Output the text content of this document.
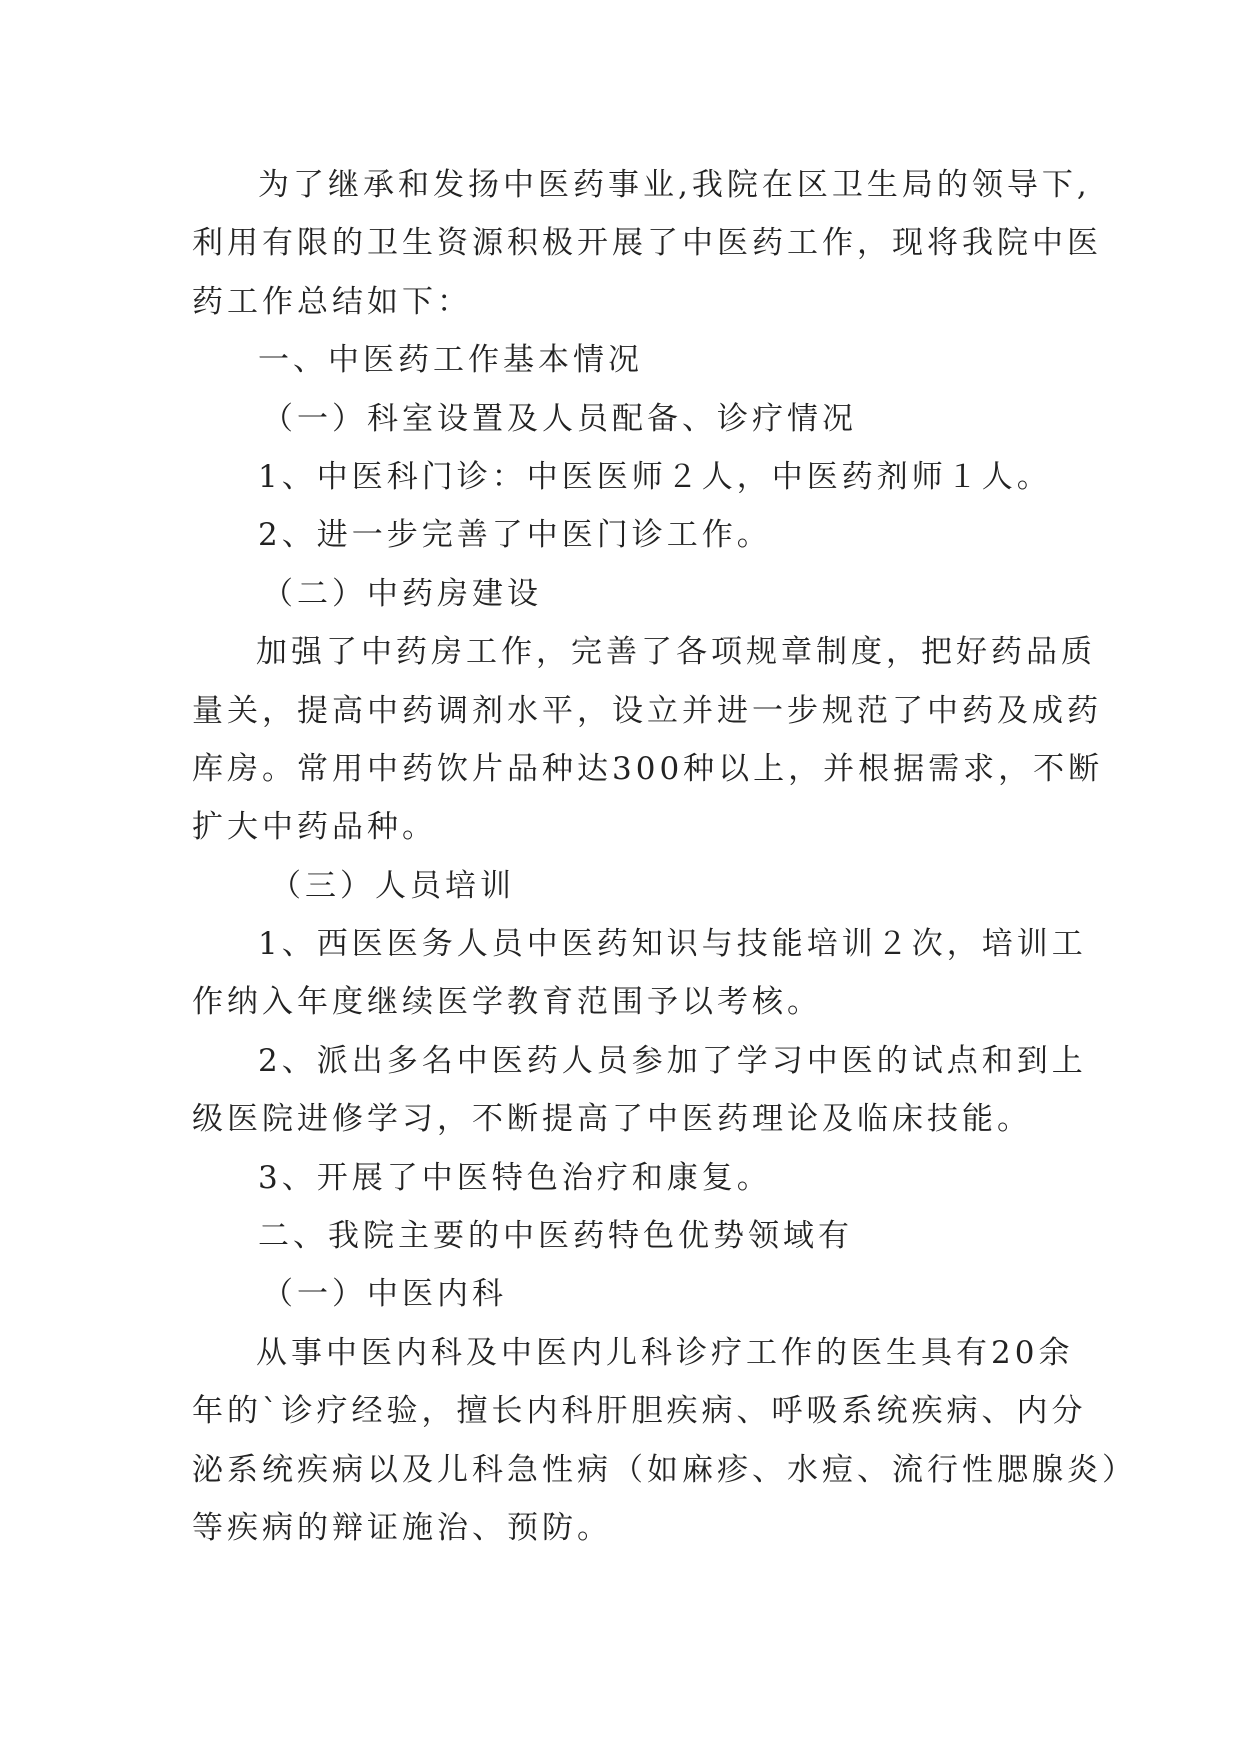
为了继承和发扬中医药事业,我院在区卫生局的领导下,
利用有限的卫生资源积极开展了中医药工作，现将我院中医
药工作总结如下：
一、中医药工作基本情况
（一）科室设置及人员配备、诊疗情况
1、中医科门诊：中医医师２人，中医药剂师１人。
2、进一步完善了中医门诊工作。
（二）中药房建设
加强了中药房工作，完善了各项规章制度，把好药品质
量关，提高中药调剂水平，设立并进一步规范了中药及成药
库房。常用中药饮片品种达300种以上，并根据需求，不断
扩大中药品种。
（三）人员培训
1、西医医务人员中医药知识与技能培训２次，培训工
作纳入年度继续医学教育范围予以考核。
2、派出多名中医药人员参加了学习中医的试点和到上
级医院进修学习，不断提高了中医药理论及临床技能。
3、开展了中医特色治疗和康复。
二、我院主要的中医药特色优势领域有
（一）中医内科
从事中医内科及中医内儿科诊疗工作的医生具有20余
年的`诊疗经验，擅长内科肝胆疾病、呼吸系统疾病、内分
泌系统疾病以及儿科急性病（如麻疹、水痘、流行性腮腺炎）
等疾病的辩证施治、预防。
